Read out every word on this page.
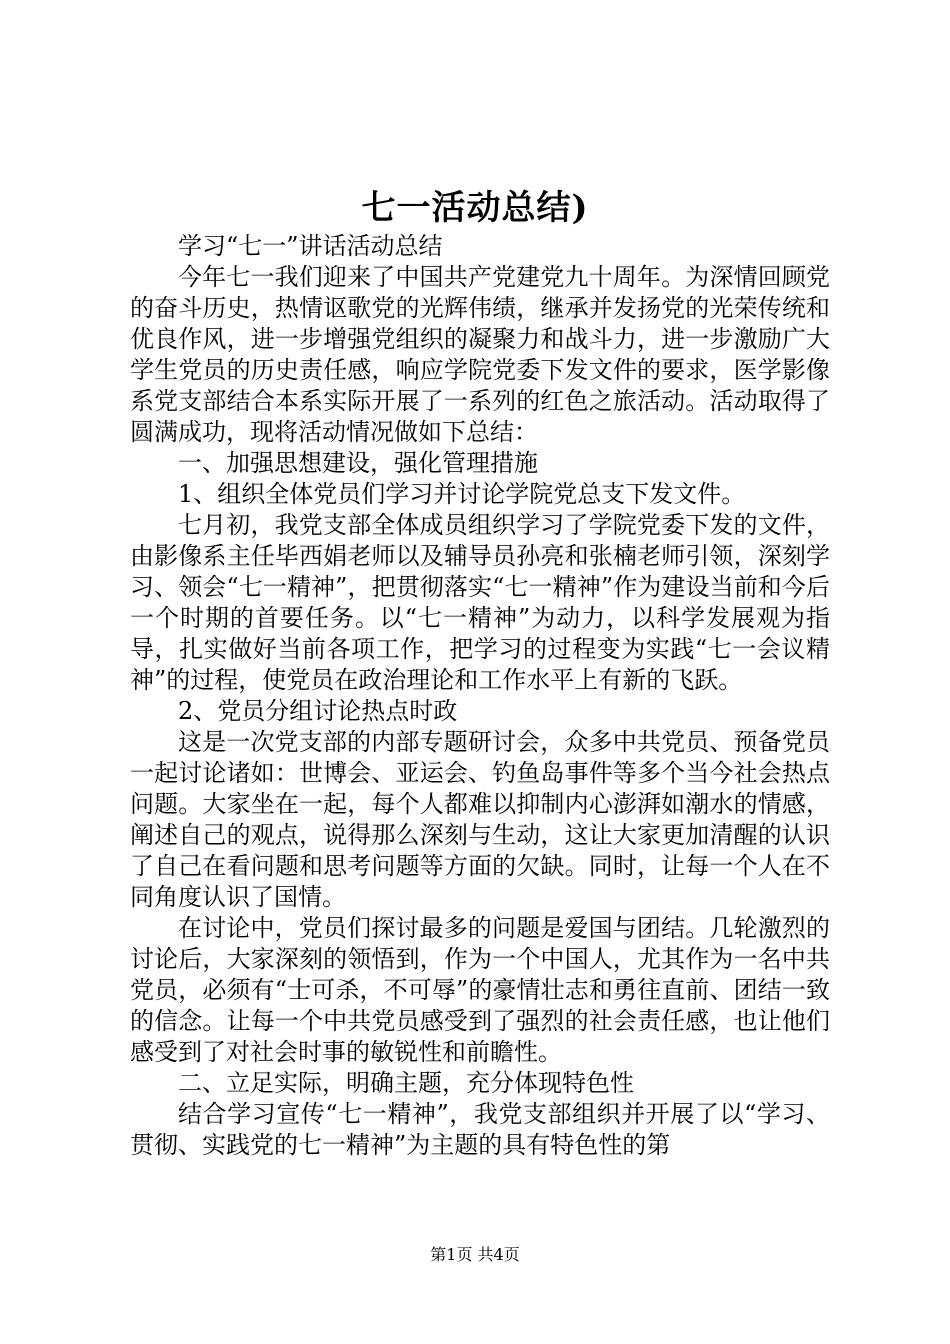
七一活动总结)

学习“七一”讲话活动总结

今年七一我们迎来了中国共产党建党九十周年。为深情回顾党的奋斗历史，热情讴歌党的光辉伟绩，继承并发扬党的光荣传统和优良作风，进一步增强党组织的凝聚力和战斗力，进一步激励广大学生党员的历史责任感，响应学院党委下发文件的要求，医学影像系党支部结合本系实际开展了一系列的红色之旅活动。活动取得了圆满成功，现将活动情况做如下总结：

一、加强思想建设，强化管理措施

1、组织全体党员们学习并讨论学院党总支下发文件。

七月初，我党支部全体成员组织学习了学院党委下发的文件，由影像系主任毕西娟老师以及辅导员孙亮和张楠老师引领，深刻学习、领会“七一精神”，把贯彻落实“七一精神”作为建设当前和今后一个时期的首要任务。以“七一精神”为动力，以科学发展观为指导，扎实做好当前各项工作，把学习的过程变为实践“七一会议精神”的过程，使党员在政治理论和工作水平上有新的飞跃。

2、党员分组讨论热点时政

这是一次党支部的内部专题研讨会，众多中共党员、预备党员一起讨论诸如：世博会、亚运会、钓鱼岛事件等多个当今社会热点问题。大家坐在一起，每个人都难以抑制内心澎湃如潮水的情感，阐述自己的观点，说得那么深刻与生动，这让大家更加清醒的认识了自己在看问题和思考问题等方面的欠缺。同时，让每一个人在不同角度认识了国情。

在讨论中，党员们探讨最多的问题是爱国与团结。几轮激烈的讨论后，大家深刻的领悟到，作为一个中国人，尤其作为一名中共党员，必须有“士可杀，不可辱”的豪情壮志和勇往直前、团结一致的信念。让每一个中共党员感受到了强烈的社会责任感，也让他们感受到了对社会时事的敏锐性和前瞻性。

二、立足实际，明确主题，充分体现特色性

结合学习宣传“七一精神”，我党支部组织并开展了以“学习、贯彻、实践党的七一精神”为主题的具有特色性的第

第1页 共4页
